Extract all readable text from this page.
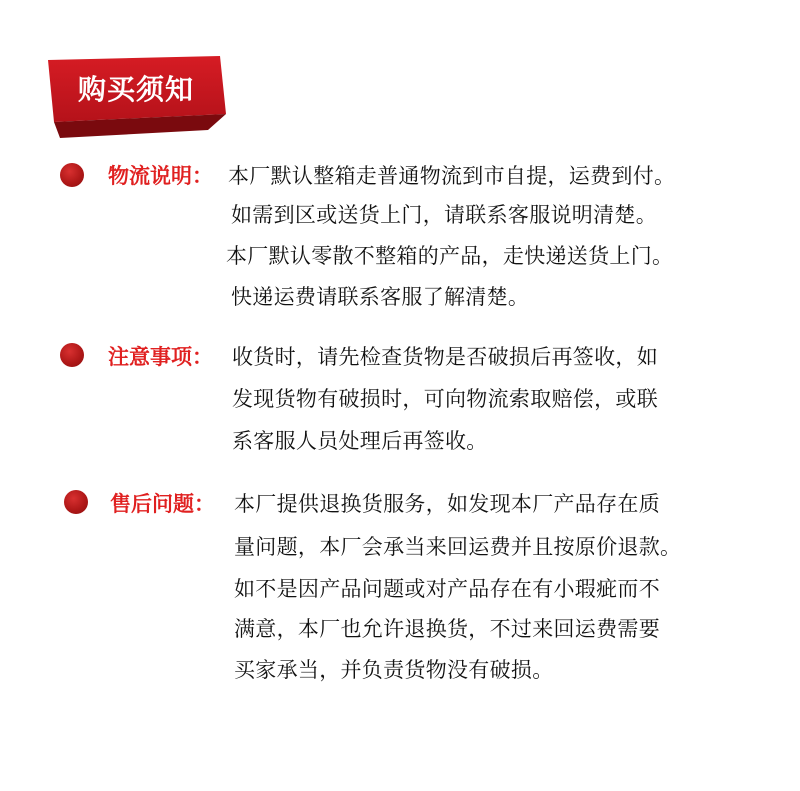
购买须知
物流说明： 本厂默认整箱走普通物流到市自提，运费到付。
如需到区或送货上门，请联系客服说明清楚。
本厂默认零散不整箱的产品，走快递送货上门。
快递运费请联系客服了解清楚。
注意事项： 收货时，请先检查货物是否破损后再签收，如
发现货物有破损时，可向物流索取赔偿，或联
系客服人员处理后再签收。
售后问题： 本厂提供退换货服务，如发现本厂产品存在质
量问题，本厂会承当来回运费并且按原价退款。
如不是因产品问题或对产品存在有小瑕疵而不
满意，本厂也允许退换货，不过来回运费需要
买家承当，并负责货物没有破损。
